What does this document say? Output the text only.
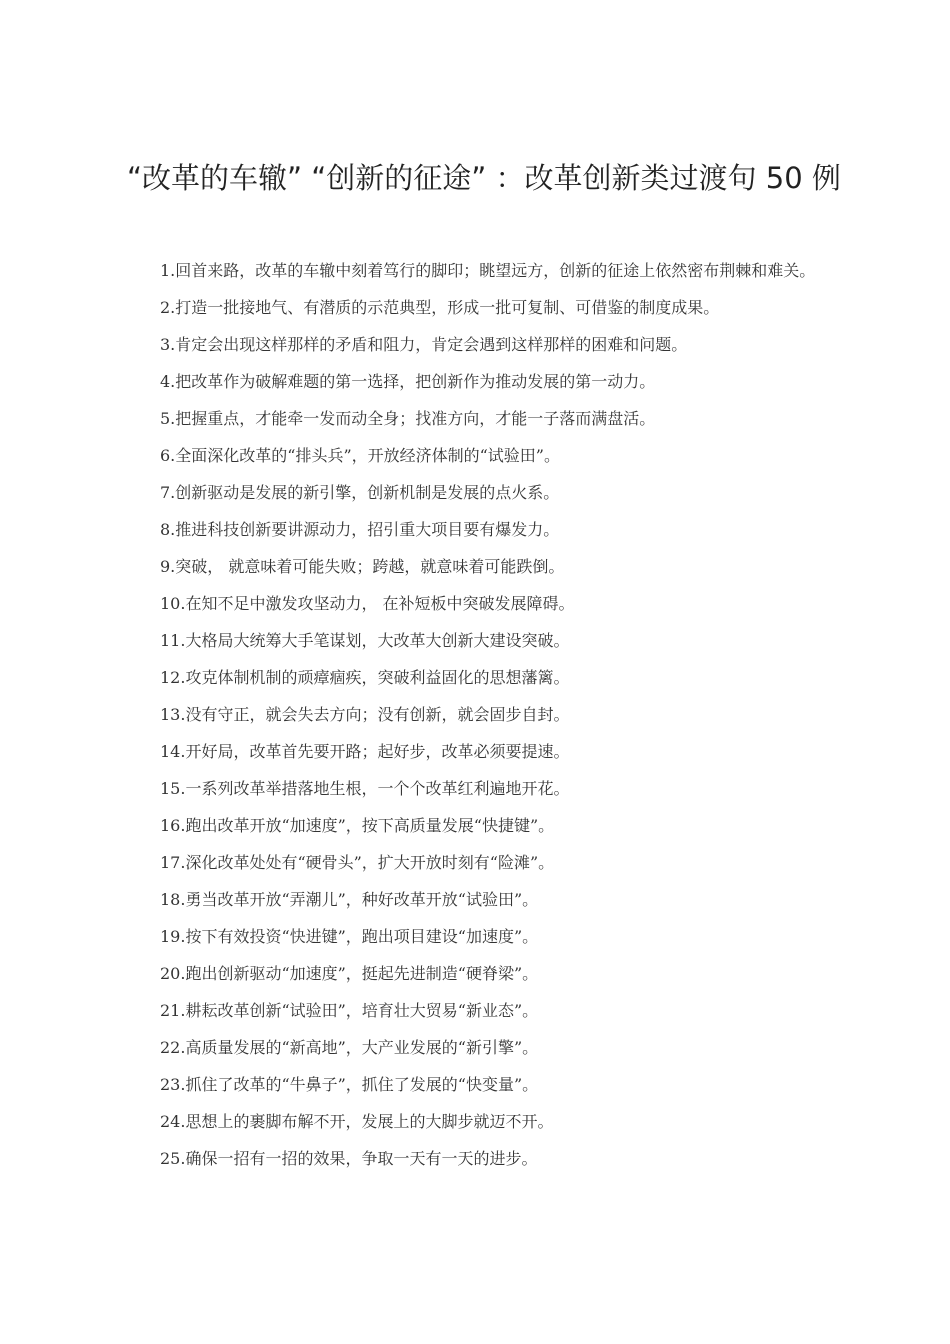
“改革的车辙” “创新的征途” ：改革创新类过渡句 50 例
1.回首来路，改革的车辙中刻着笃行的脚印；眺望远方，创新的征途上依然密布荆棘和难关。
2.打造一批接地气、有潜质的示范典型，形成一批可复制、可借鉴的制度成果。
3.肯定会出现这样那样的矛盾和阻力，肯定会遇到这样那样的困难和问题。
4.把改革作为破解难题的第一选择，把创新作为推动发展的第一动力。
5.把握重点，才能牵一发而动全身；找准方向，才能一子落而满盘活。
6.全面深化改革的“排头兵”，开放经济体制的“试验田”。
7.创新驱动是发展的新引擎，创新机制是发展的点火系。
8.推进科技创新要讲源动力，招引重大项目要有爆发力。
9.突破， 就意味着可能失败；跨越，就意味着可能跌倒。
10.在知不足中激发攻坚动力， 在补短板中突破发展障碍。
11.大格局大统筹大手笔谋划，大改革大创新大建设突破。
12.攻克体制机制的顽瘴痼疾，突破利益固化的思想藩篱。
13.没有守正，就会失去方向；没有创新，就会固步自封。
14.开好局，改革首先要开路；起好步，改革必须要提速。
15.一系列改革举措落地生根，一个个改革红利遍地开花。
16.跑出改革开放“加速度”，按下高质量发展“快捷键”。
17.深化改革处处有“硬骨头”，扩大开放时刻有“险滩”。
18.勇当改革开放“弄潮儿”，种好改革开放“试验田”。
19.按下有效投资“快进键”，跑出项目建设“加速度”。
20.跑出创新驱动“加速度”，挺起先进制造“硬脊梁”。
21.耕耘改革创新“试验田”，培育壮大贸易“新业态”。
22.高质量发展的“新高地”，大产业发展的“新引擎”。
23.抓住了改革的“牛鼻子”，抓住了发展的“快变量”。
24.思想上的裹脚布解不开，发展上的大脚步就迈不开。
25.确保一招有一招的效果，争取一天有一天的进步。
